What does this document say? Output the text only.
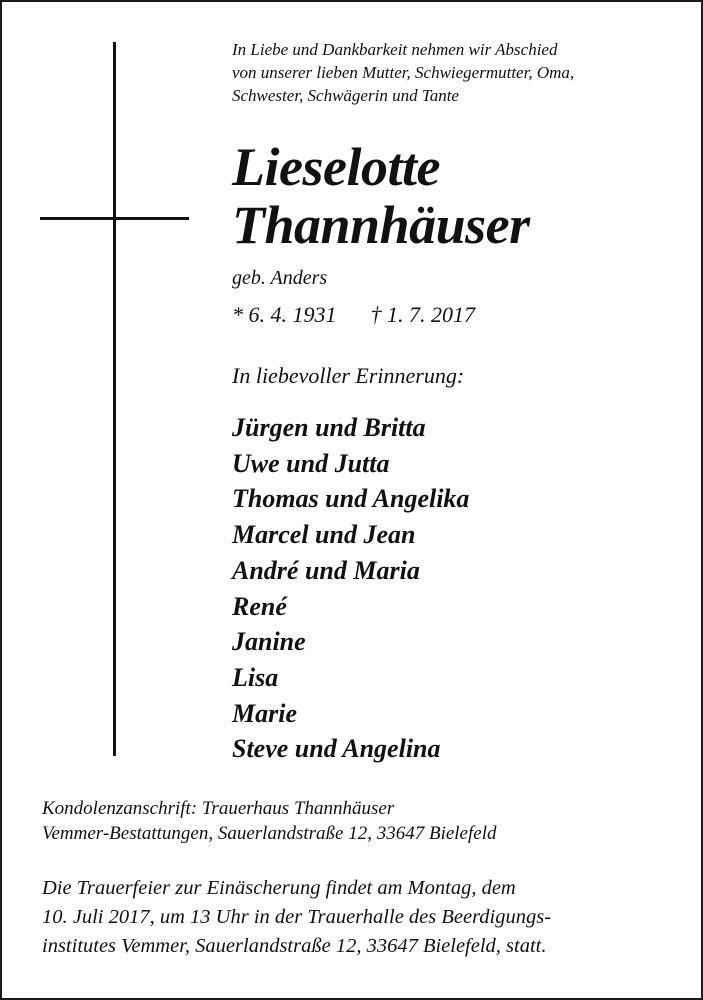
In Liebe und Dankbarkeit nehmen wir Abschied
von unserer lieben Mutter, Schwiegermutter, Oma,
Schwester, Schwägerin und Tante
Lieselotte
Thannhäuser
geb. Anders
* 6. 4. 1931 † 1. 7. 2017
In liebevoller Erinnerung:
Jürgen und Britta
Uwe und Jutta
Thomas und Angelika
Marcel und Jean
André und Maria
René
Janine
Lisa
Marie
Steve und Angelina
Kondolenzanschrift: Trauerhaus Thannhäuser
Vemmer-Bestattungen, Sauerlandstraße 12, 33647 Bielefeld
Die Trauerfeier zur Einäscherung findet am Montag, dem
10. Juli 2017, um 13 Uhr in der Trauerhalle des Beerdigungs-
institutes Vemmer, Sauerlandstraße 12, 33647 Bielefeld, statt.
